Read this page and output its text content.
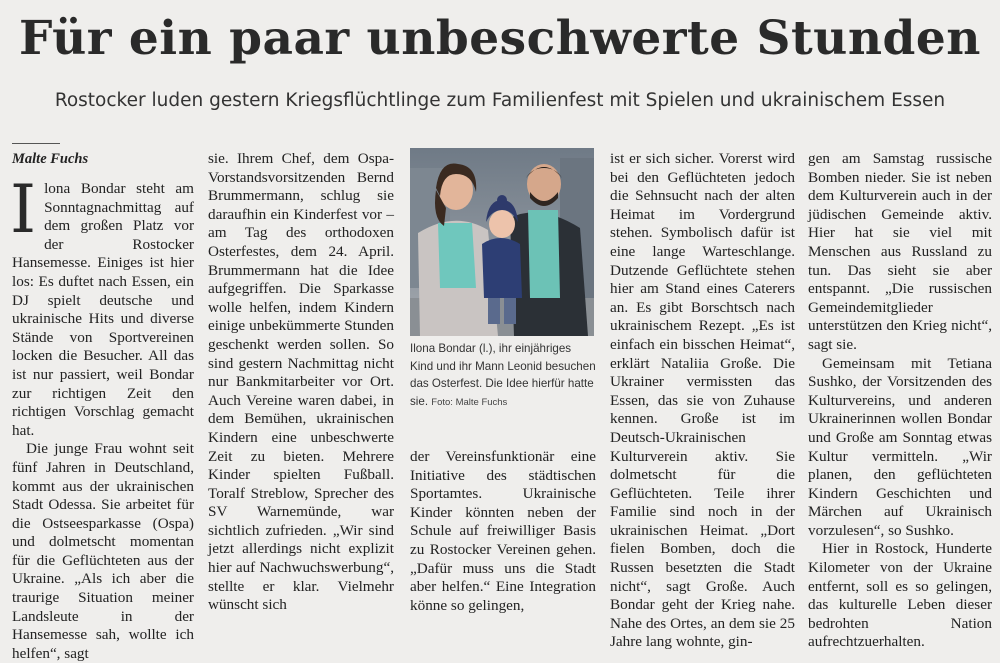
Für ein paar unbeschwerte Stunden
Rostocker luden gestern Kriegsflüchtlinge zum Familienfest mit Spielen und ukrainischem Essen
Malte Fuchs

Ilona Bondar steht am Sonntagnachmittag auf dem großen Platz vor der Rostocker Hansemesse. Einiges ist hier los: Es duftet nach Essen, ein DJ spielt deutsche und ukrainische Hits und diverse Stände von Sportvereinen locken die Besucher. All das ist nur passiert, weil Bondar zur richtigen Zeit den richtigen Vorschlag gemacht hat.

Die junge Frau wohnt seit fünf Jahren in Deutschland, kommt aus der ukrainischen Stadt Odessa. Sie arbeitet für die Ostseesparkasse (Ospa) und dolmetscht momentan für die Geflüchteten aus der Ukraine. „Als ich aber die traurige Situation meiner Landsleute in der Hansemesse sah, wollte ich helfen“, sagt

sie. Ihrem Chef, dem Ospa-Vorstandsvorsitzenden Bernd Brummermann, schlug sie daraufhin ein Kinderfest vor – am Tag des orthodoxen Osterfestes, dem 24. April. Brummermann hat die Idee aufgegriffen. Die Sparkasse wolle helfen, indem Kindern einige unbekümmerte Stunden geschenkt werden sollen. So sind gestern Nachmittag nicht nur Bankmitarbeiter vor Ort. Auch Vereine waren dabei, in dem Bemühen, ukrainischen Kindern eine unbeschwerte Zeit zu bieten. Mehrere Kinder spielten Fußball. Toralf Streblow, Sprecher des SV Warnemünde, war sichtlich zufrieden. „Wir sind jetzt allerdings nicht explizit hier auf Nachwuchswerbung“, stellte er klar. Vielmehr wünscht sich

Ilona Bondar (l.), ihr einjähriges Kind und ihr Mann Leonid besuchen das Osterfest. Die Idee hierfür hatte sie. Foto: Malte Fuchs

der Vereinsfunktionär eine Initiative des städtischen Sportamtes. Ukrainische Kinder könnten neben der Schule auf freiwilliger Basis zu Rostocker Vereinen gehen. „Dafür muss uns die Stadt aber helfen.“ Eine Integration könne so gelingen,

ist er sich sicher. Vorerst wird bei den Geflüchteten jedoch die Sehnsucht nach der alten Heimat im Vordergrund stehen. Symbolisch dafür ist eine lange Warteschlange. Dutzende Geflüchtete stehen hier am Stand eines Caterers an. Es gibt Borschtsch nach ukrainischem Rezept. „Es ist einfach ein bisschen Heimat“, erklärt Nataliia Große. Die Ukrainer vermissten das Essen, das sie von Zuhause kennen. Große ist im Deutsch-Ukrainischen Kulturverein aktiv. Sie dolmetscht für die Geflüchteten. Teile ihrer Familie sind noch in der ukrainischen Heimat. „Dort fielen Bomben, doch die Russen besetzten die Stadt nicht“, sagt Große. Auch Bondar geht der Krieg nahe. Nahe des Ortes, an dem sie 25 Jahre lang wohnte, gin-

gen am Samstag russische Bomben nieder. Sie ist neben dem Kulturverein auch in der jüdischen Gemeinde aktiv. Hier hat sie viel mit Menschen aus Russland zu tun. Das sieht sie aber entspannt. „Die russischen Gemeindemitglieder unterstützen den Krieg nicht“, sagt sie.

Gemeinsam mit Tetiana Sushko, der Vorsitzenden des Kulturvereins, und anderen Ukrainerinnen wollen Bondar und Große am Sonntag etwas Kultur vermitteln. „Wir planen, den geflüchteten Kindern Geschichten und Märchen auf Ukrainisch vorzulesen“, so Sushko.

Hier in Rostock, Hunderte Kilometer von der Ukraine entfernt, soll es so gelingen, das kulturelle Leben dieser bedrohten Nation aufrechtzuerhalten.
